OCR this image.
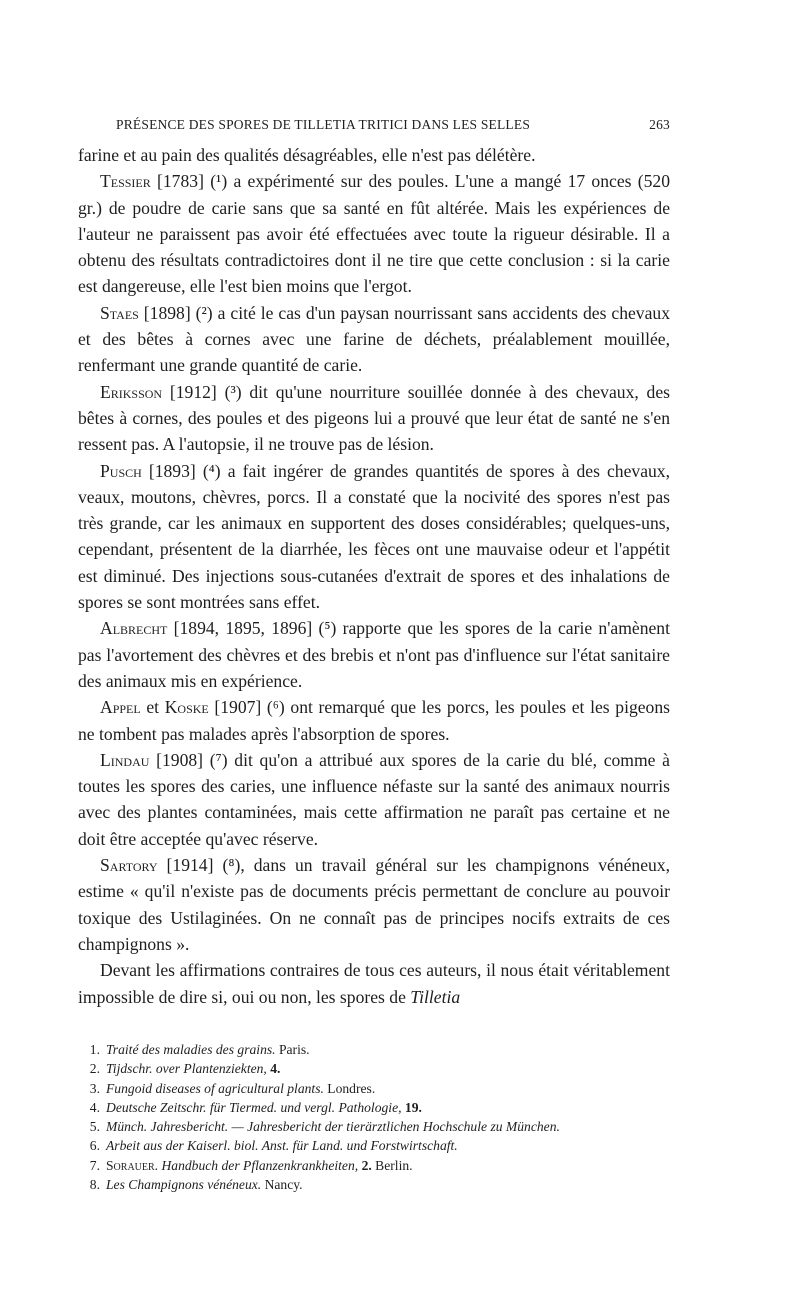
PRÉSENCE DES SPORES DE TILLETIA TRITICI DANS LES SELLES	263

farine et au pain des qualités désagréables, elle n'est pas délétère.

Tessier [1783] (¹) a expérimenté sur des poules. L'une a mangé 17 onces (520 gr.) de poudre de carie sans que sa santé en fût altérée. Mais les expériences de l'auteur ne paraissent pas avoir été effectuées avec toute la rigueur désirable. Il a obtenu des résultats contradictoires dont il ne tire que cette conclusion : si la carie est dangereuse, elle l'est bien moins que l'ergot.

Staes [1898] (²) a cité le cas d'un paysan nourrissant sans accidents des chevaux et des bêtes à cornes avec une farine de déchets, préalablement mouillée, renfermant une grande quantité de carie.

Eriksson [1912] (³) dit qu'une nourriture souillée donnée à des chevaux, des bêtes à cornes, des poules et des pigeons lui a prouvé que leur état de santé ne s'en ressent pas. A l'autopsie, il ne trouve pas de lésion.

Pusch [1893] (⁴) a fait ingérer de grandes quantités de spores à des chevaux, veaux, moutons, chèvres, porcs. Il a constaté que la nocivité des spores n'est pas très grande, car les animaux en supportent des doses considérables; quelques-uns, cependant, présentent de la diarrhée, les fèces ont une mauvaise odeur et l'appétit est diminué. Des injections sous-cutanées d'extrait de spores et des inhalations de spores se sont montrées sans effet.

Albrecht [1894, 1895, 1896] (⁵) rapporte que les spores de la carie n'amènent pas l'avortement des chèvres et des brebis et n'ont pas d'influence sur l'état sanitaire des animaux mis en expérience.

Appel et Koske [1907] (⁶) ont remarqué que les porcs, les poules et les pigeons ne tombent pas malades après l'absorption de spores.

Lindau [1908] (⁷) dit qu'on a attribué aux spores de la carie du blé, comme à toutes les spores des caries, une influence néfaste sur la santé des animaux nourris avec des plantes contaminées, mais cette affirmation ne paraît pas certaine et ne doit être acceptée qu'avec réserve.

Sartory [1914] (⁸), dans un travail général sur les champignons vénéneux, estime « qu'il n'existe pas de documents précis permettant de conclure au pouvoir toxique des Ustilaginées. On ne connaît pas de principes nocifs extraits de ces champignons ».

Devant les affirmations contraires de tous ces auteurs, il nous était véritablement impossible de dire si, oui ou non, les spores de Tilletia

1. Traité des maladies des grains. Paris.
2. Tijdschr. over Plantenziekten, 4.
3. Fungoid diseases of agricultural plants. Londres.
4. Deutsche Zeitschr. für Tiermed. und vergl. Pathologie, 19.
5. Münch. Jahresbericht. — Jahresbericht der tierärztlichen Hochschule zu München.
6. Arbeit aus der Kaiserl. biol. Anst. für Land. und Forstwirtschaft.
7. Sorauer. Handbuch der Pflanzenkrankheiten, 2. Berlin.
8. Les Champignons vénéneux. Nancy.
